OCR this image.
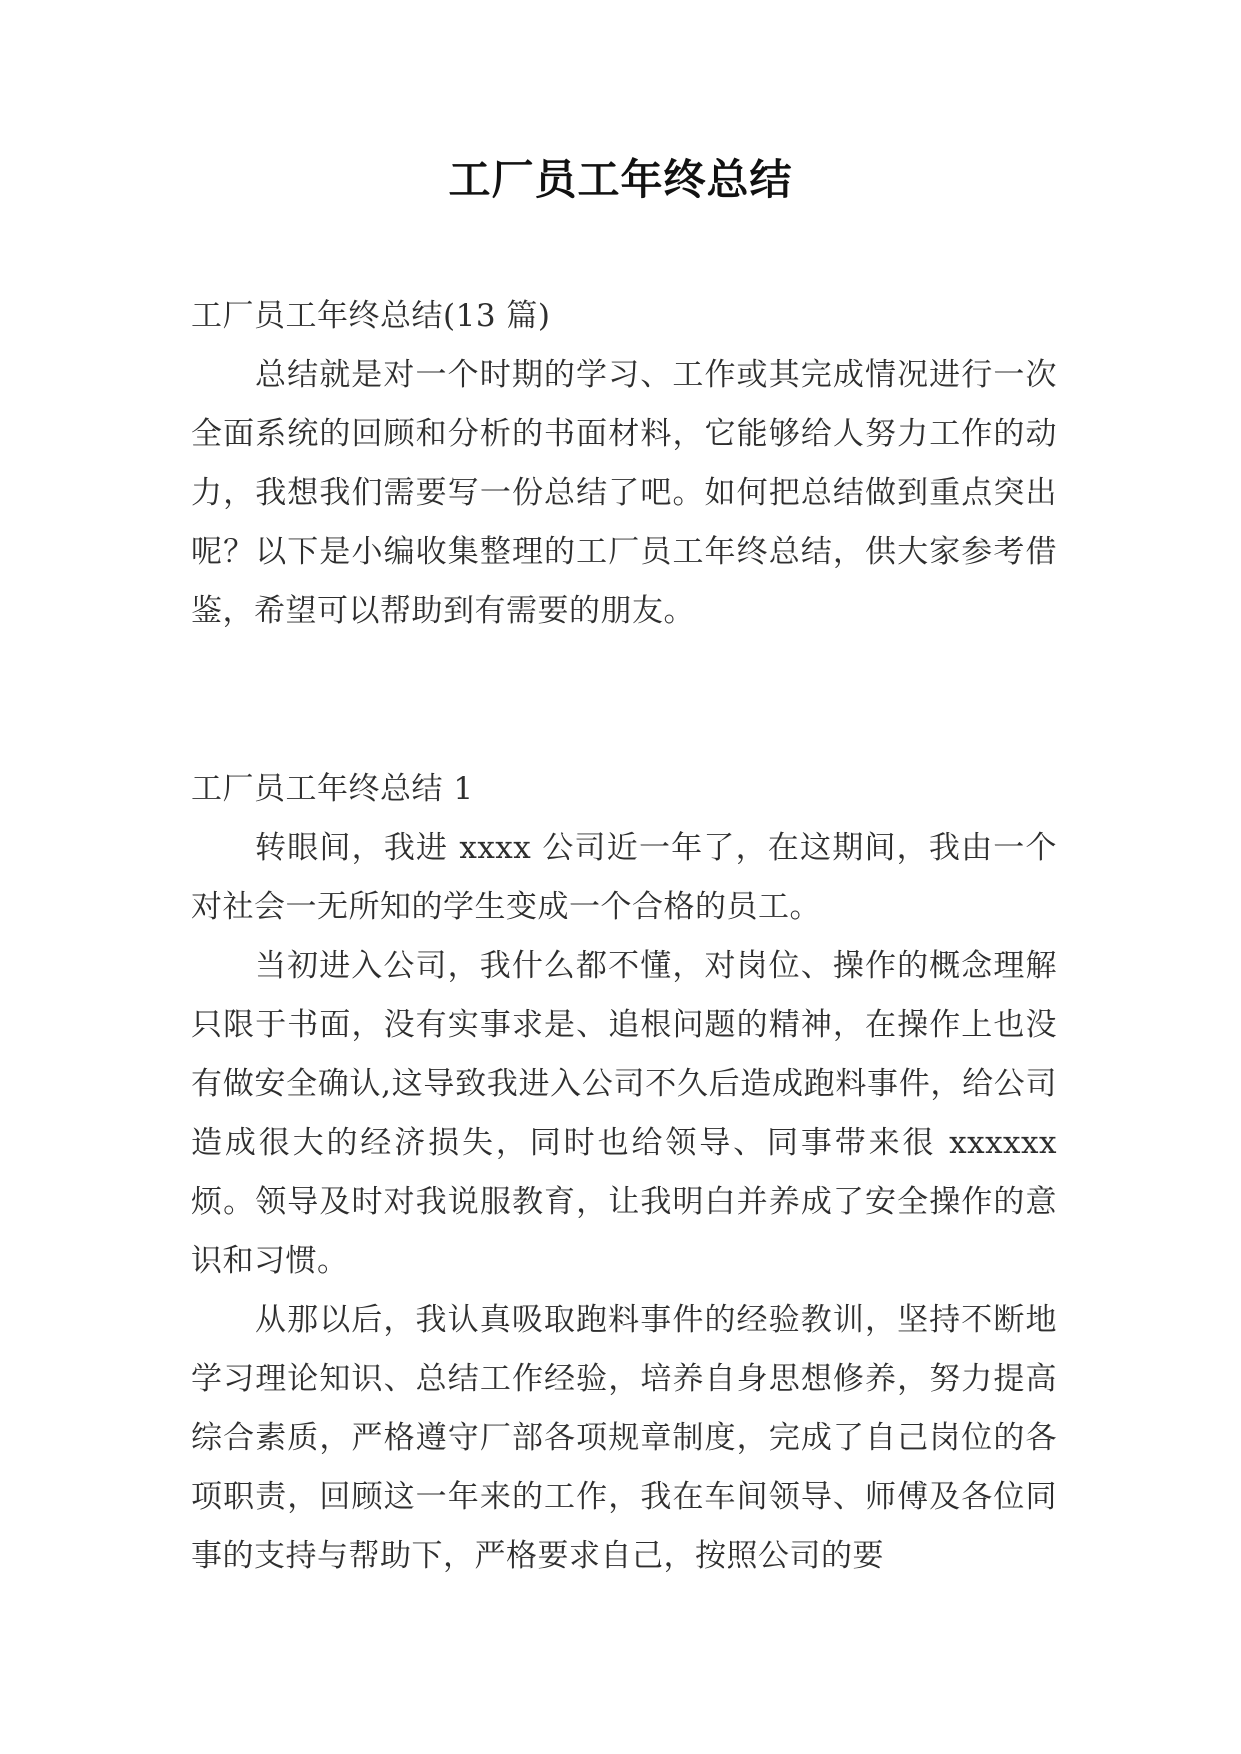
工厂员工年终总结

工厂员工年终总结(13 篇)

总结就是对一个时期的学习、工作或其完成情况进行一次全面系统的回顾和分析的书面材料，它能够给人努力工作的动力，我想我们需要写一份总结了吧。如何把总结做到重点突出呢？以下是小编收集整理的工厂员工年终总结，供大家参考借鉴，希望可以帮助到有需要的朋友。

工厂员工年终总结 1

转眼间，我进 xxxx 公司近一年了，在这期间，我由一个对社会一无所知的学生变成一个合格的员工。

当初进入公司，我什么都不懂，对岗位、操作的概念理解只限于书面，没有实事求是、追根问题的精神，在操作上也没有做安全确认,这导致我进入公司不久后造成跑料事件，给公司造成很大的经济损失，同时也给领导、同事带来很 xxxxxx 烦。领导及时对我说服教育，让我明白并养成了安全操作的意识和习惯。

从那以后，我认真吸取跑料事件的经验教训，坚持不断地学习理论知识、总结工作经验，培养自身思想修养，努力提高综合素质，严格遵守厂部各项规章制度，完成了自己岗位的各项职责，回顾这一年来的工作，我在车间领导、师傅及各位同事的支持与帮助下，严格要求自己，按照公司的要
